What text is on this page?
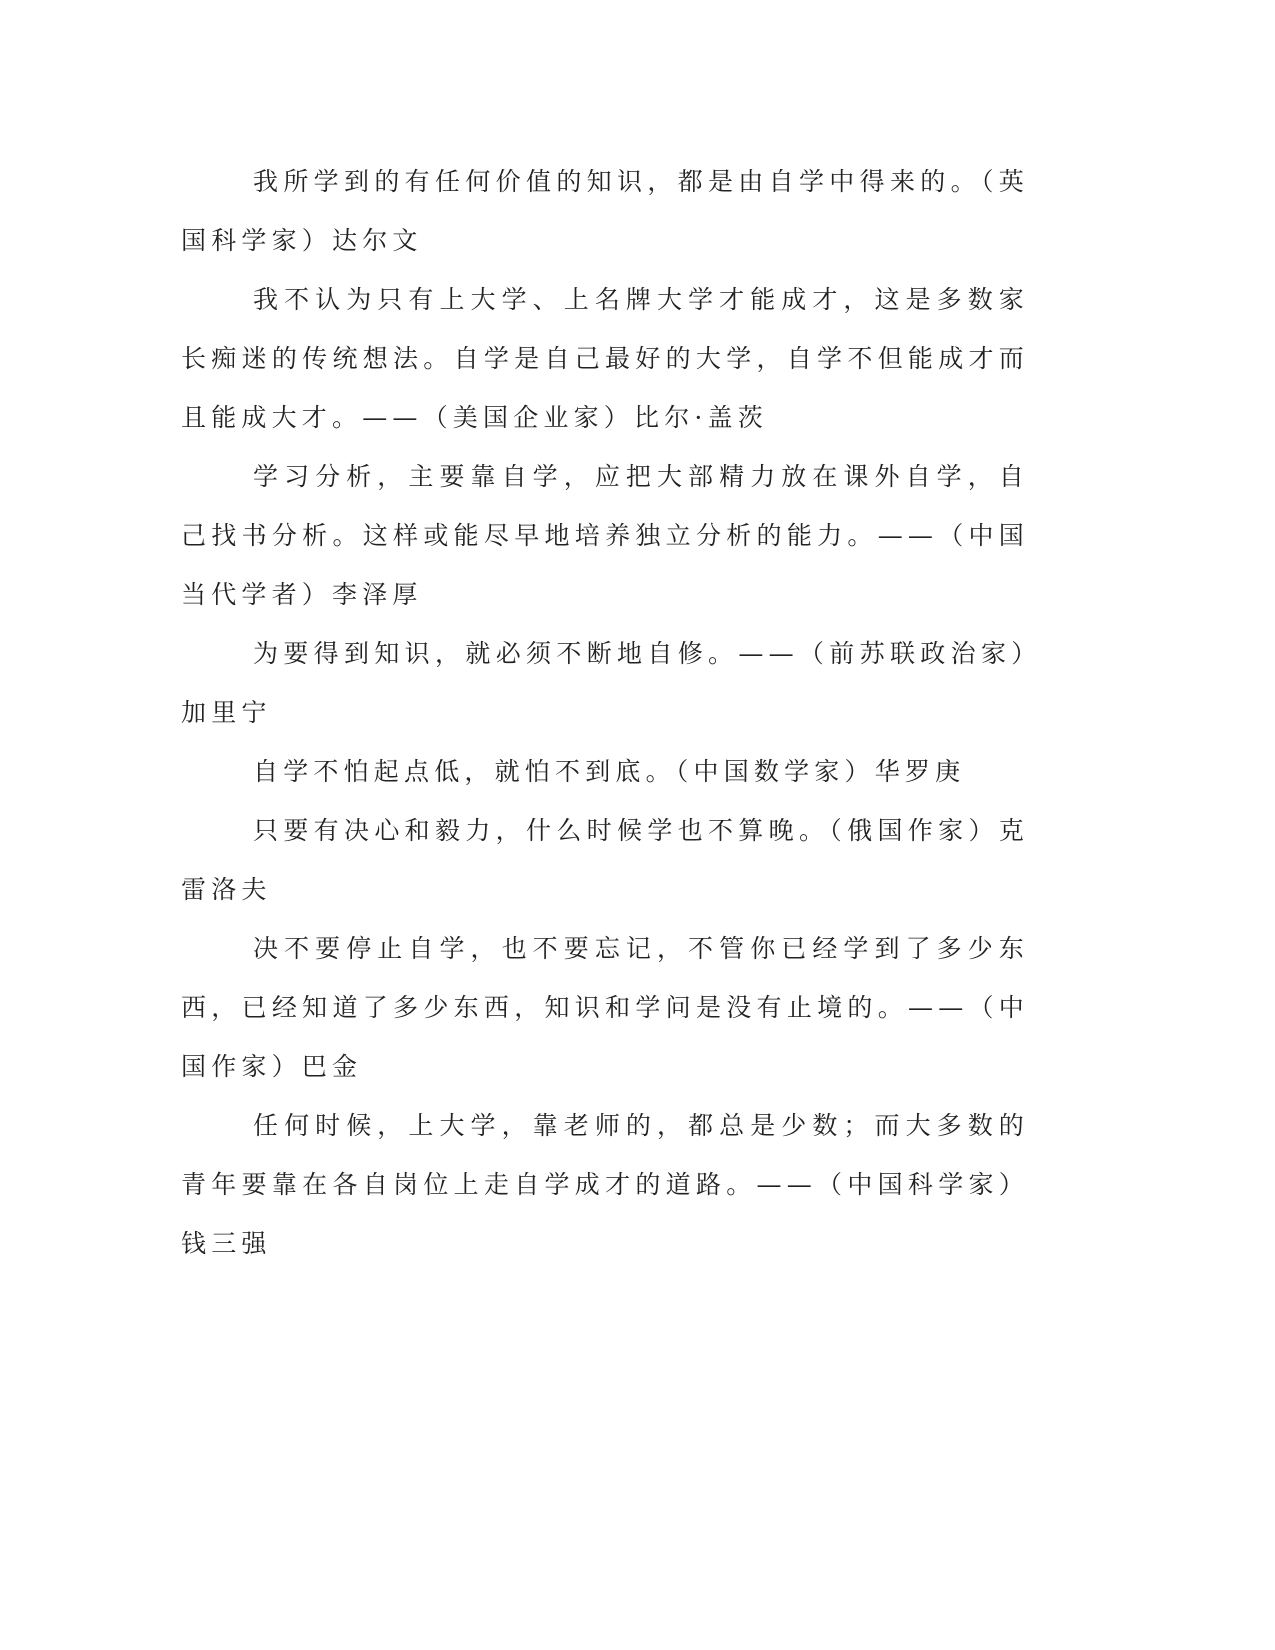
我所学到的有任何价值的知识，都是由自学中得来的。（英国科学家）达尔文

我不认为只有上大学、上名牌大学才能成才，这是多数家长痴迷的传统想法。自学是自己最好的大学，自学不但能成才而且能成大才。——（美国企业家）比尔·盖茨

学习分析，主要靠自学，应把大部精力放在课外自学，自己找书分析。这样或能尽早地培养独立分析的能力。——（中国当代学者）李泽厚

为要得到知识，就必须不断地自修。——（前苏联政治家）加里宁

自学不怕起点低，就怕不到底。（中国数学家）华罗庚

只要有决心和毅力，什么时候学也不算晚。（俄国作家）克雷洛夫

决不要停止自学，也不要忘记，不管你已经学到了多少东西，已经知道了多少东西，知识和学问是没有止境的。——（中国作家）巴金

任何时候，上大学，靠老师的，都总是少数；而大多数的青年要靠在各自岗位上走自学成才的道路。——（中国科学家）钱三强
